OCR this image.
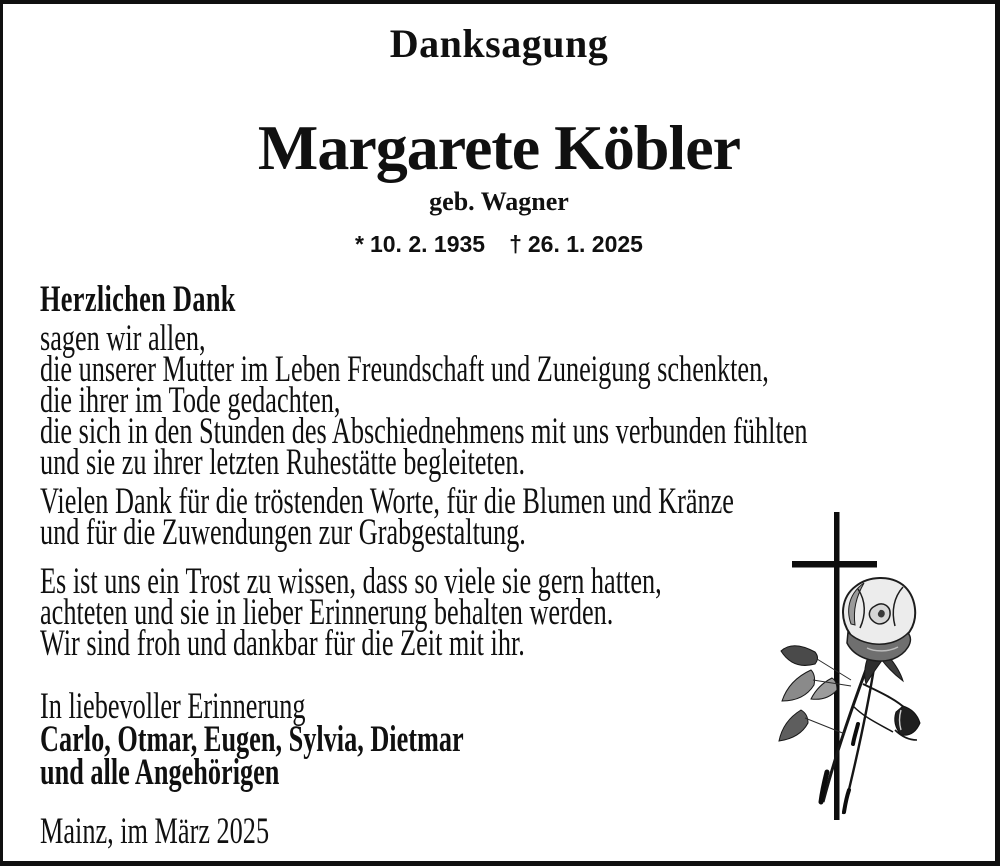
Danksagung
Margarete Köbler
geb. Wagner
* 10. 2. 1935 † 26. 1. 2025
Herzlichen Dank
sagen wir allen,
die unserer Mutter im Leben Freundschaft und Zuneigung schenkten,
die ihrer im Tode gedachten,
die sich in den Stunden des Abschiednehmens mit uns verbunden fühlten
und sie zu ihrer letzten Ruhestätte begleiteten.
Vielen Dank für die tröstenden Worte, für die Blumen und Kränze
und für die Zuwendungen zur Grabgestaltung.
Es ist uns ein Trost zu wissen, dass so viele sie gern hatten,
achteten und sie in lieber Erinnerung behalten werden.
Wir sind froh und dankbar für die Zeit mit ihr.
In liebevoller Erinnerung
Carlo, Otmar, Eugen, Sylvia, Dietmar
und alle Angehörigen
Mainz, im März 2025
